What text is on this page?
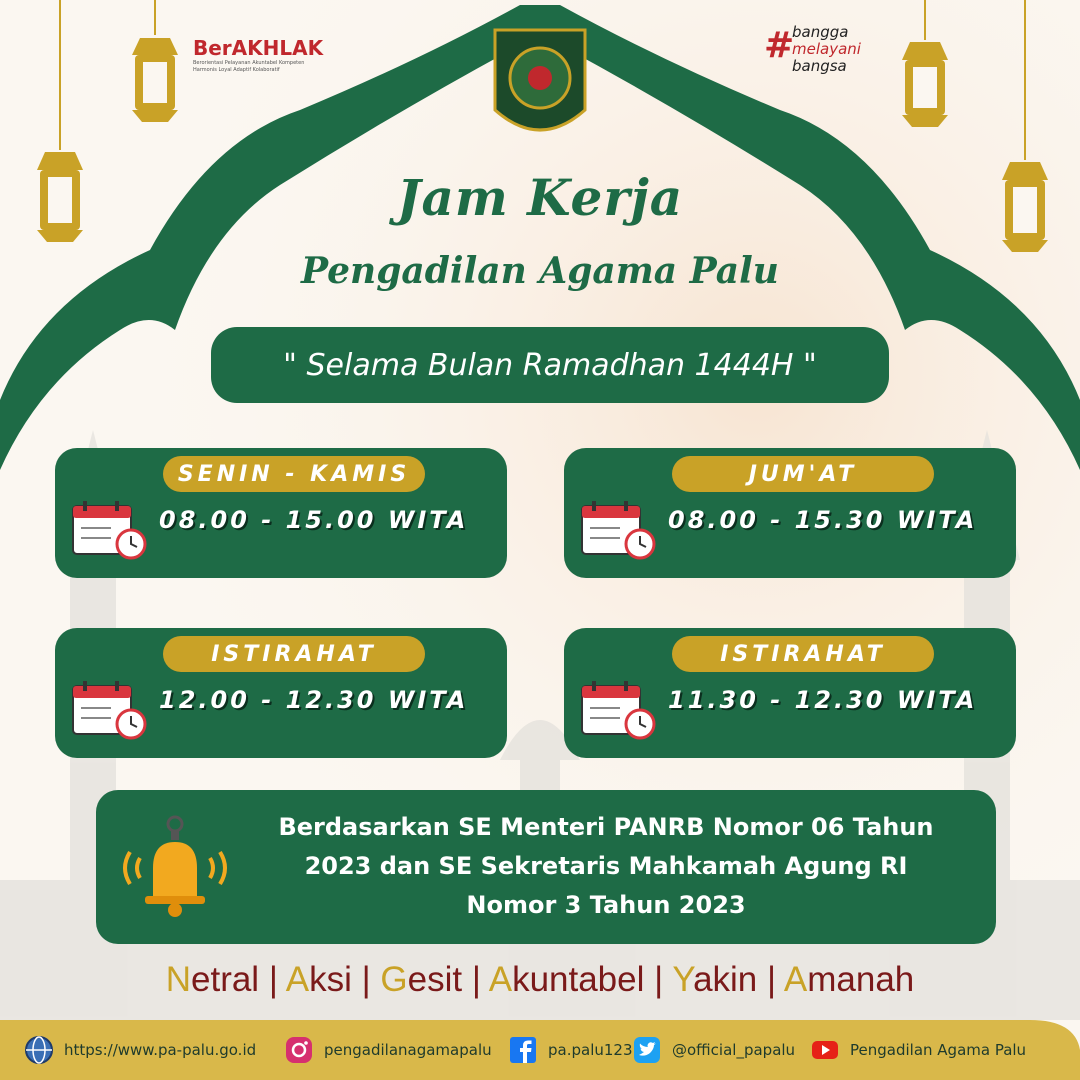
BerAKHLAK
Berorientasi Pelayanan Akuntabel Kompeten
Harmonis Loyal Adaptif Kolaboratif
#
bangga
melayani
bangsa
Jam Kerja
Pengadilan Agama Palu
" Selama Bulan Ramadhan 1444H "
SENIN - KAMIS
08.00 - 15.00 WITA
JUM'AT
08.00 - 15.30 WITA
ISTIRAHAT
12.00 - 12.30 WITA
ISTIRAHAT
11.30 - 12.30 WITA
Berdasarkan SE Menteri PANRB Nomor 06 Tahun
2023 dan SE Sekretaris Mahkamah Agung RI
Nomor 3 Tahun 2023
Netral | Aksi | Gesit | Akuntabel | Yakin | Amanah
https://www.pa-palu.go.id	pengadilanagamapalu	pa.palu123	@official_papalu	Pengadilan Agama Palu
